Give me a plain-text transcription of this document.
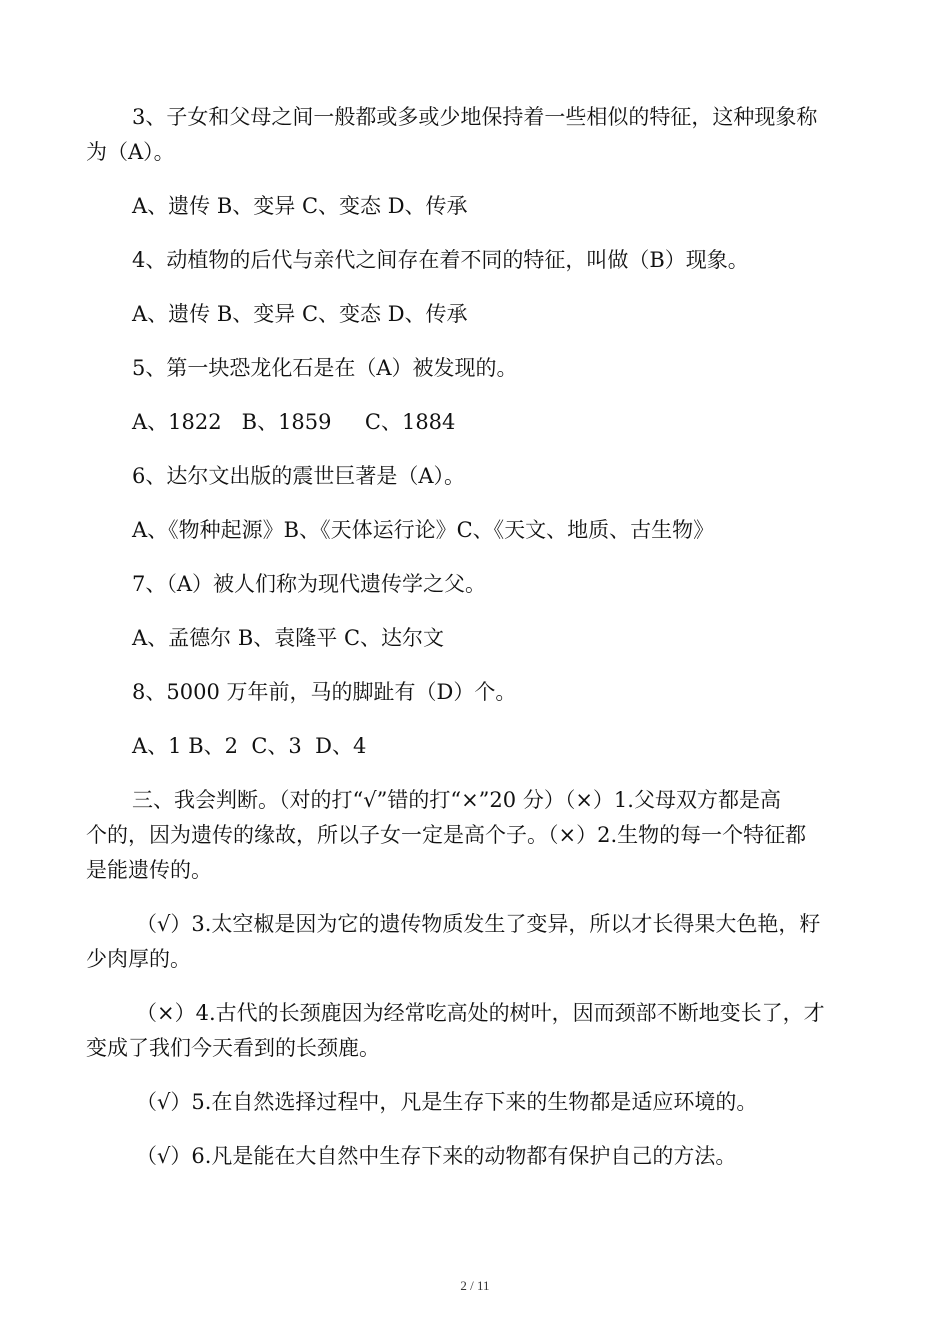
3、子女和父母之间一般都或多或少地保持着一些相似的特征，这种现象称
为（A）。
A、遗传 B、变异 C、变态 D、传承
4、动植物的后代与亲代之间存在着不同的特征，叫做（B）现象。
A、遗传 B、变异 C、变态 D、传承
5、第一块恐龙化石是在（A）被发现的。
A、1822   B、1859     C、1884
6、达尔文出版的震世巨著是（A）。
A、《物种起源》B、《天体运行论》C、《天文、地质、古生物》
7、（A）被人们称为现代遗传学之父。
A、孟德尔 B、袁隆平 C、达尔文
8、5000 万年前，马的脚趾有（D）个。
A、1 B、2  C、3  D、4
三、我会判断。（对的打“√”错的打“×”20 分）（×）1.父母双方都是高
个的，因为遗传的缘故，所以子女一定是高个子。（×）2.生物的每一个特征都
是能遗传的。
（√）3.太空椒是因为它的遗传物质发生了变异，所以才长得果大色艳，籽
少肉厚的。
（×）4.古代的长颈鹿因为经常吃高处的树叶，因而颈部不断地变长了，才
变成了我们今天看到的长颈鹿。
（√）5.在自然选择过程中，凡是生存下来的生物都是适应环境的。
（√）6.凡是能在大自然中生存下来的动物都有保护自己的方法。
2 / 11
